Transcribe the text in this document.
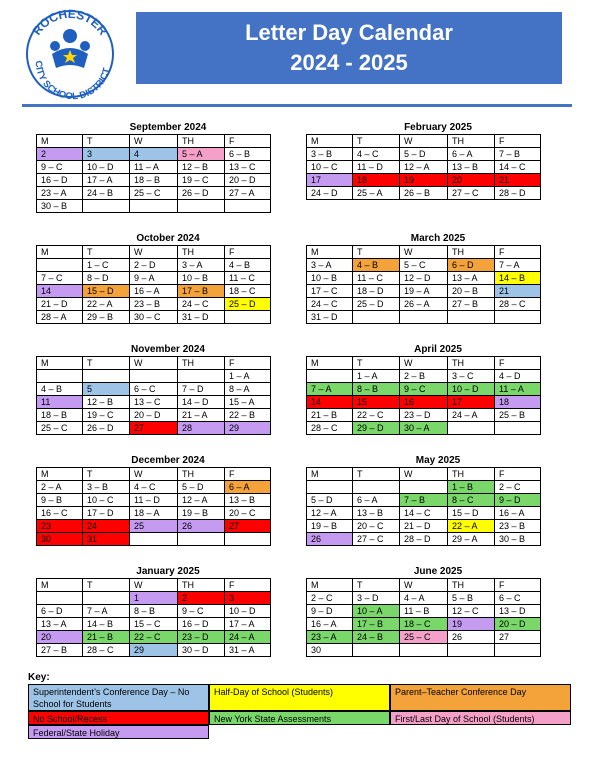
ROCHESTER
CITY SCHOOL DISTRICT
Letter Day Calendar
2024 - 2025
September 2024
M	T	W	TH	F
2	3	4	5 – A	6 – B
9 – C	10 – D	11 – A	12 – B	13 – C
16 – D	17 – A	18 – B	19 – C	20 – D
23 – A	24 – B	25 – C	26 – D	27 – A
30 – B				
February 2025
M	T	W	TH	F
3 – B	4 – C	5 – D	6 – A	7 – B
10 – C	11 – D	12 – A	13 – B	14 – C
17	18	19	20	21
24 – D	25 – A	26 – B	27 – C	28 – D
October 2024
M	T	W	TH	F
	1 – C	2 – D	3 – A	4 – B
7 – C	8 – D	9 – A	10 – B	11 – C
14	15 – D	16 – A	17 – B	18 – C
21 – D	22 – A	23 – B	24 – C	25 – D
28 – A	29 – B	30 – C	31 – D	
March 2025
M	T	W	TH	F
3 – A	4 – B	5 – C	6 – D	7 – A
10 – B	11 – C	12 – D	13 – A	14 – B
17 – C	18 – D	19 – A	20 – B	21
24 – C	25 – D	26 – A	27 – B	28 – C
31 – D				
November 2024
M	T	W	TH	F
				1 – A
4 – B	5	6 – C	7 – D	8 – A
11	12 – B	13 – C	14 – D	15 – A
18 – B	19 – C	20 – D	21 – A	22 – B
25 – C	26 – D	27	28	29
April 2025
M	T	W	TH	F
	1 – A	2 – B	3 – C	4 – D
7 – A	8 – B	9 – C	10 – D	11 – A
14	15	16	17	18
21 – B	22 – C	23 – D	24 – A	25 – B
28 – C	29 – D	30 – A		
December 2024
M	T	W	TH	F
2 – A	3 – B	4 – C	5 – D	6 – A
9 – B	10 – C	11 – D	12 – A	13 – B
16 – C	17 – D	18 – A	19 – B	20 – C
23	24	25	26	27
30	31			
May 2025
M	T	W	TH	F
			1 – B	2 – C
5 – D	6 – A	7 – B	8 – C	9 – D
12 – A	13 – B	14 – C	15 – D	16 – A
19 – B	20 – C	21 – D	22 – A	23 – B
26	27 – C	28 – D	29 – A	30 – B
January 2025
M	T	W	TH	F
		1	2	3
6 – D	7 – A	8 – B	9 – C	10 – D
13 – A	14 – B	15 – C	16 – D	17 – A
20	21 – B	22 – C	23 – D	24 – A
27 – B	28 – C	29	30 – D	31 – A
June 2025
M	T	W	TH	F
2 – C	3 – D	4 – A	5 – B	6 – C
9 – D	10 – A	11 – B	12 – C	13 – D
16 – A	17 – B	18 – C	19	20 – D
23 – A	24 – B	25 – C	26	27
30				
Key:
Superintendent’s Conference Day – No School for Students
Half-Day of School (Students)	Parent–Teacher Conference Day
No School/Recess	New York State Assessments	First/Last Day of School (Students)
Federal/State Holiday
